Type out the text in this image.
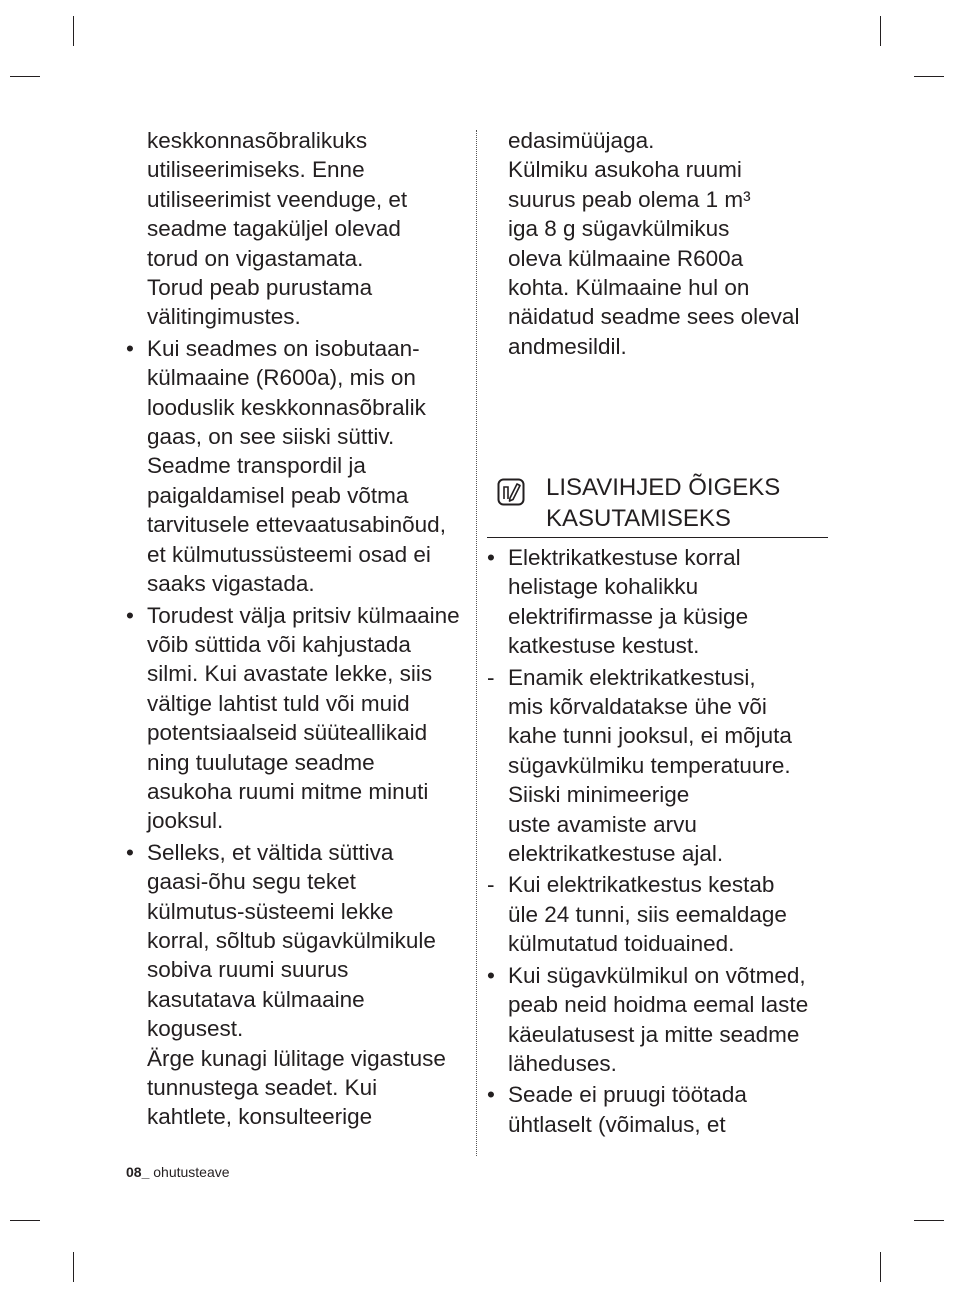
keskkonnasõbralikuks
utiliseerimiseks. Enne
utiliseerimist veenduge, et
seadme tagaküljel olevad
torud on vigastamata.
Torud peab purustama
välitingimustes.
• Kui seadmes on isobutaan-
külmaaine (R600a), mis on
looduslik keskkonnasõbralik
gaas, on see siiski süttiv.
Seadme transpordil ja
paigaldamisel peab võtma
tarvitusele ettevaatusabinõud,
et külmutussüsteemi osad ei
saaks vigastada.
• Torudest välja pritsiv külmaaine
võib süttida või kahjustada
silmi. Kui avastate lekke, siis
vältige lahtist tuld või muid
potentsiaalseid süüteallikaid
ning tuulutage seadme
asukoha ruumi mitme minuti
jooksul.
• Selleks, et vältida süttiva
gaasi-õhu segu teket
külmutus-süsteemi lekke
korral, sõltub sügavkülmikule
sobiva ruumi suurus
kasutatava külmaaine
kogusest.
Ärge kunagi lülitage vigastuse
tunnustega seadet. Kui
kahtlete, konsulteerige
edasimüüjaga.
Külmiku asukoha ruumi
suurus peab olema 1 m³
iga 8 g sügavkülmikus
oleva külmaaine R600a
kohta. Külmaaine hul on
näidatud seadme sees oleval
andmesildil.
LISAVIHJED ÕIGEKS
KASUTAMISEKS
• Elektrikatkestuse korral
helistage kohalikku
elektrifirmasse ja küsige
katkestuse kestust.
- Enamik elektrikatkestusi,
mis kõrvaldatakse ühe või
kahe tunni jooksul, ei mõjuta
sügavkülmiku temperatuure.
Siiski minimeerige
uste avamiste arvu
elektrikatkestuse ajal.
- Kui elektrikatkestus kestab
üle 24 tunni, siis eemaldage
külmutatud toiduained.
• Kui sügavkülmikul on võtmed,
peab neid hoidma eemal laste
käeulatusest ja mitte seadme
läheduses.
• Seade ei pruugi töötada
ühtlaselt (võimalus, et
08_ ohutusteave
